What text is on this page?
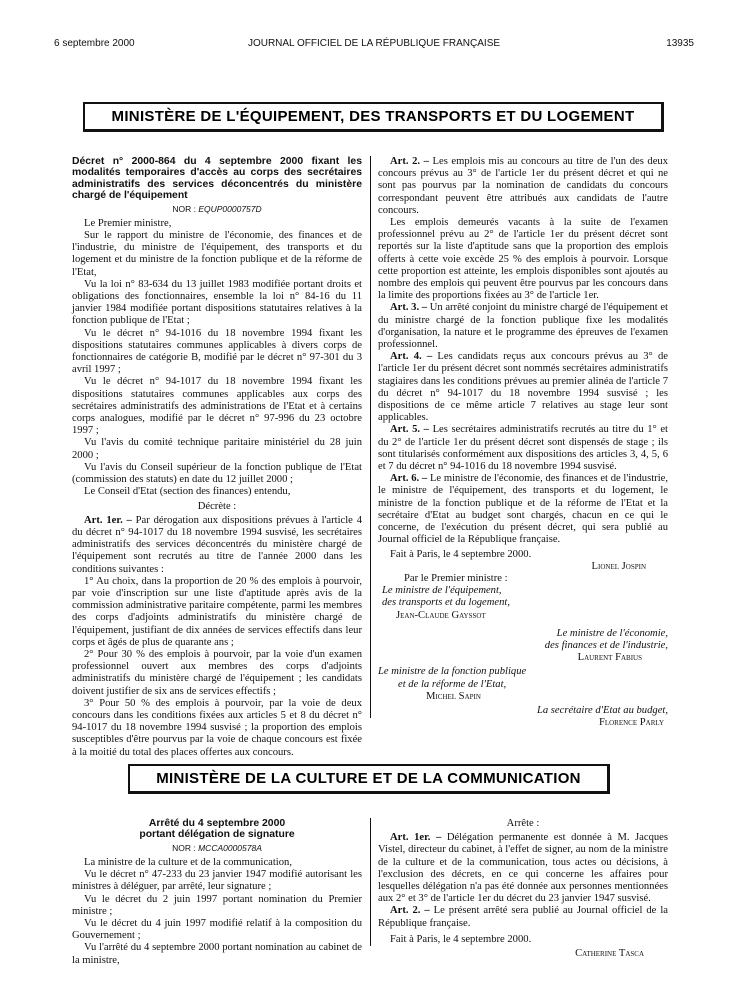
6 septembre 2000	JOURNAL OFFICIEL DE LA RÉPUBLIQUE FRANÇAISE	13935
MINISTÈRE DE L'ÉQUIPEMENT, DES TRANSPORTS ET DU LOGEMENT
Décret n° 2000-864 du 4 septembre 2000 fixant les modalités temporaires d'accès au corps des secrétaires administratifs des services déconcentrés du ministère chargé de l'équipement
NOR : EQUP0000757D

Le Premier ministre,

Sur le rapport du ministre de l'économie, des finances et de l'industrie, du ministre de l'équipement, des transports et du logement et du ministre de la fonction publique et de la réforme de l'Etat,

Vu la loi n° 83-634 du 13 juillet 1983 modifiée portant droits et obligations des fonctionnaires, ensemble la loi n° 84-16 du 11 janvier 1984 modifiée portant dispositions statutaires relatives à la fonction publique de l'Etat ;

Vu le décret n° 94-1016 du 18 novembre 1994 fixant les dispositions statutaires communes applicables à divers corps de fonctionnaires de catégorie B, modifié par le décret n° 97-301 du 3 avril 1997 ;

Vu le décret n° 94-1017 du 18 novembre 1994 fixant les dispositions statutaires communes applicables aux corps des secrétaires administratifs des administrations de l'Etat et à certains corps analogues, modifié par le décret n° 97-996 du 23 octobre 1997 ;

Vu l'avis du comité technique paritaire ministériel du 28 juin 2000 ;

Vu l'avis du Conseil supérieur de la fonction publique de l'Etat (commission des statuts) en date du 12 juillet 2000 ;

Le Conseil d'Etat (section des finances) entendu,

Décrète :

Art. 1er. – Par dérogation aux dispositions prévues à l'article 4 du décret n° 94-1017 du 18 novembre 1994 susvisé, les secrétaires administratifs des services déconcentrés du ministère chargé de l'équipement sont recrutés au titre de l'année 2000 dans les conditions suivantes :

1° Au choix, dans la proportion de 20 % des emplois à pourvoir, par voie d'inscription sur une liste d'aptitude après avis de la commission administrative paritaire compétente, parmi les membres des corps d'adjoints administratifs du ministère chargé de l'équipement, justifiant de dix années de services effectifs dans leur corps et âgés de plus de quarante ans ;

2° Pour 30 % des emplois à pourvoir, par la voie d'un examen professionnel ouvert aux membres des corps d'adjoints administratifs du ministère chargé de l'équipement ; les candidats doivent justifier de six ans de services effectifs ;

3° Pour 50 % des emplois à pourvoir, par la voie de deux concours dans les conditions fixées aux articles 5 et 8 du décret n° 94-1017 du 18 novembre 1994 susvisé ; la proportion des emplois susceptibles d'être pourvus par la voie de chaque concours est fixée à la moitié du total des places offertes aux concours.

Art. 2. – Les emplois mis au concours au titre de l'un des deux concours prévus au 3° de l'article 1er du présent décret et qui ne sont pas pourvus par la nomination de candidats du concours correspondant peuvent être attribués aux candidats de l'autre concours.

Les emplois demeurés vacants à la suite de l'examen professionnel prévu au 2° de l'article 1er du présent décret sont reportés sur la liste d'aptitude sans que la proportion des emplois offerts à cette voie excède 25 % des emplois à pourvoir. Lorsque cette proportion est atteinte, les emplois disponibles sont ajoutés au nombre des emplois qui peuvent être pourvus par les concours dans la limite des proportions fixées au 3° de l'article 1er.

Art. 3. – Un arrêté conjoint du ministre chargé de l'équipement et du ministre chargé de la fonction publique fixe les modalités d'organisation, la nature et le programme des épreuves de l'examen professionnel.

Art. 4. – Les candidats reçus aux concours prévus au 3° de l'article 1er du présent décret sont nommés secrétaires administratifs stagiaires dans les conditions prévues au premier alinéa de l'article 7 du décret n° 94-1017 du 18 novembre 1994 susvisé ; les dispositions de ce même article 7 relatives au stage leur sont applicables.

Art. 5. – Les secrétaires administratifs recrutés au titre du 1° et du 2° de l'article 1er du présent décret sont dispensés de stage ; ils sont titularisés conformément aux dispositions des articles 3, 4, 5, 6 et 7 du décret n° 94-1016 du 18 novembre 1994 susvisé.

Art. 6. – Le ministre de l'économie, des finances et de l'industrie, le ministre de l'équipement, des transports et du logement, le ministre de la fonction publique et de la réforme de l'Etat et la secrétaire d'Etat au budget sont chargés, chacun en ce qui le concerne, de l'exécution du présent décret, qui sera publié au Journal officiel de la République française.

Fait à Paris, le 4 septembre 2000.

Lionel Jospin
Par le Premier ministre :
Le ministre de l'équipement,
des transports et du logement,
Jean-Claude Gayssot
Le ministre de l'économie,
des finances et de l'industrie,
Laurent Fabius
Le ministre de la fonction publique
et de la réforme de l'Etat,
Michel Sapin
La secrétaire d'Etat au budget,
Florence Parly
MINISTÈRE DE LA CULTURE ET DE LA COMMUNICATION
Arrêté du 4 septembre 2000
portant délégation de signature
NOR : MCCA0000578A

La ministre de la culture et de la communication,

Vu le décret n° 47-233 du 23 janvier 1947 modifié autorisant les ministres à déléguer, par arrêté, leur signature ;

Vu le décret du 2 juin 1997 portant nomination du Premier ministre ;

Vu le décret du 4 juin 1997 modifié relatif à la composition du Gouvernement ;

Vu l'arrêté du 4 septembre 2000 portant nomination au cabinet de la ministre,

Arrête :

Art. 1er. – Délégation permanente est donnée à M. Jacques Vistel, directeur du cabinet, à l'effet de signer, au nom de la ministre de la culture et de la communication, tous actes ou décisions, à l'exclusion des décrets, en ce qui concerne les affaires pour lesquelles délégation n'a pas été donnée aux personnes mentionnées aux 2° et 3° de l'article 1er du décret du 23 janvier 1947 susvisé.

Art. 2. – Le présent arrêté sera publié au Journal officiel de la République française.

Fait à Paris, le 4 septembre 2000.

Catherine Tasca
